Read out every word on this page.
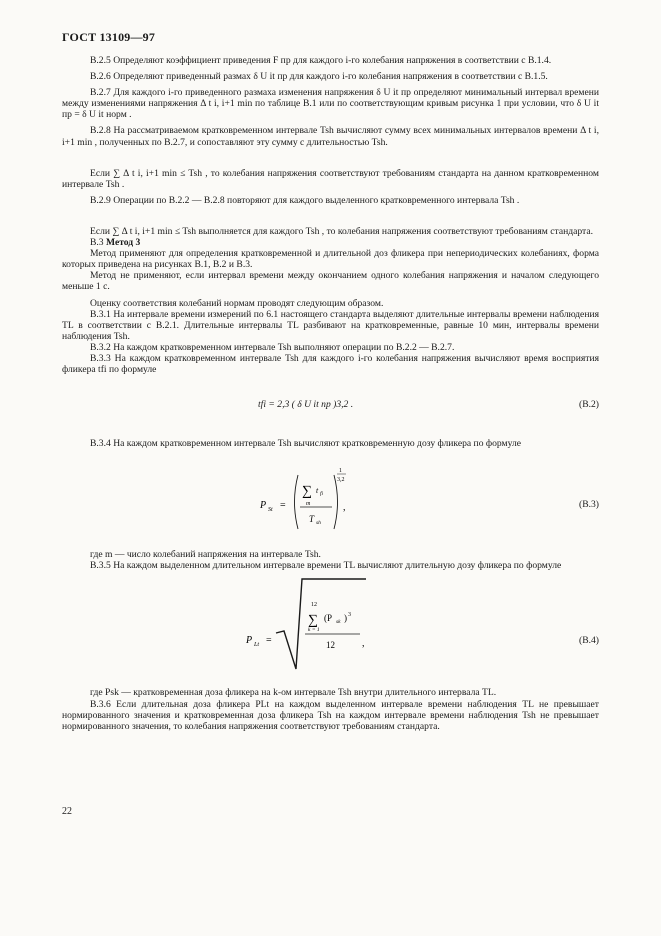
ГОСТ 13109—97

В.2.5 Определяют коэффициент приведения F пр для каждого i-го колебания напряжения в соответствии с В.1.4.

В.2.6 Определяют приведенный размах δ U it пр для каждого i-го колебания напряжения в соответствии с В.1.5.

В.2.7 Для каждого i-го приведенного размаха изменения напряжения δ U it пр определяют минимальный интервал времени между изменениями напряжения Δ t i, i+1 min по таблице В.1 или по соответствующим кривым рисунка 1 при условии, что δ U it пр = δ U it норм .

В.2.8 На рассматриваемом кратковременном интервале Tsh вычисляют сумму всех минимальных интервалов времени Δ t i, i+1 min , полученных по В.2.7, и сопоставляют эту сумму с длительностью Tsh.

Если ∑ Δ t i, i+1 min ≤ Tsh , то колебания напряжения соответствуют требованиям стандарта на данном кратковременном интервале Tsh .

В.2.9 Операции по В.2.2 — В.2.8 повторяют для каждого выделенного кратковременного интервала Tsh .

Если ∑ Δ t i, i+1 min ≤ Tsh выполняется для каждого Tsh , то колебания напряжения соответствуют требованиям стандарта.

В.3 Метод 3

Метод применяют для определения кратковременной и длительной доз фликера при непериодических колебаниях, форма которых приведена на рисунках В.1, В.2 и В.3.

Метод не применяют, если интервал времени между окончанием одного колебания напряжения и началом следующего меньше 1 с.

Оценку соответствия колебаний нормам проводят следующим образом.

В.3.1 На интервале времени измерений по 6.1 настоящего стандарта выделяют длительные интервалы времени наблюдения TL в соответствии с В.2.1. Длительные интервалы TL разбивают на кратковременные, равные 10 мин, интервалы времени наблюдения Tsh.

В.3.2 На каждом кратковременном интервале Tsh выполняют операции по В.2.2 — В.2.7.

В.3.3 На каждом кратковременном интервале Tsh для каждого i-го колебания напряжения вычисляют время восприятия фликера tfi по формуле

tfi = 2,3 ( δ U it пр )3,2 .	(В.2)

В.3.4 На каждом кратковременном интервале Tsh вычисляют кратковременную дозу фликера по формуле

P St =
∑ t fi
m
T sh
1
3,2
,	(В.3)

где m — число колебаний напряжения на интервале Tsh.

В.3.5 На каждом выделенном длительном интервале времени TL вычисляют длительную дозу фликера по формуле

P Lt =
12
∑
k = 1
(P sk ) 3
12	,	(В.4)

где Psk — кратковременная доза фликера на k-ом интервале Tsh внутри длительного интервала TL.

В.3.6 Если длительная доза фликера PLt на каждом выделенном интервале времени наблюдения TL не превышает нормированного значения и кратковременная доза фликера Tsh на каждом интервале времени наблюдения Tsh не превышает нормированного значения, то колебания напряжения соответствуют требованиям стандарта.

22
